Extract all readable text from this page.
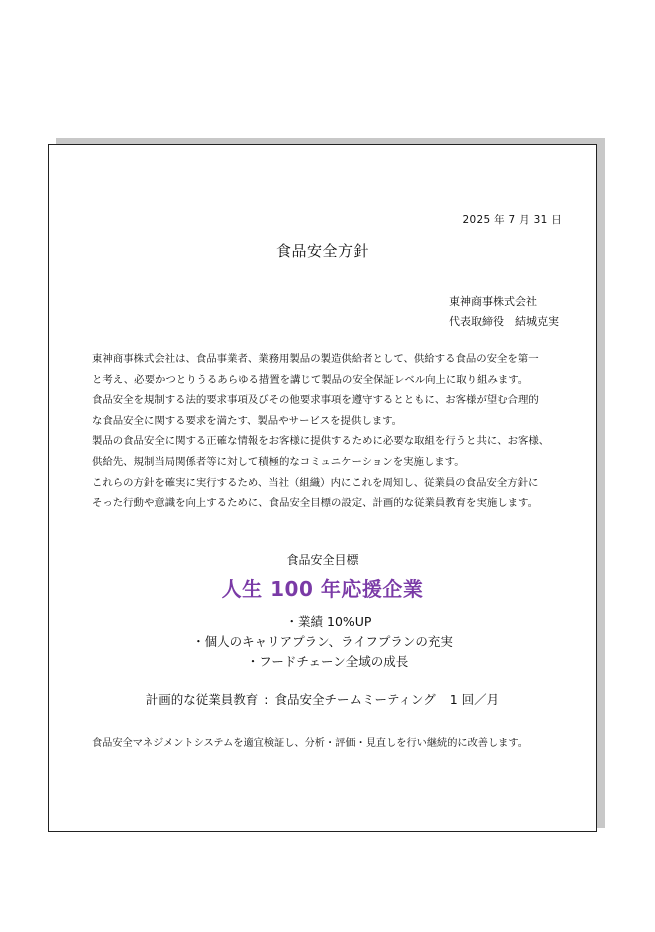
2025 年 7 月 31 日
食品安全方針
東神商事株式会社
代表取締役　結城克実
東神商事株式会社は、食品事業者、業務用製品の製造供給者として、供給する食品の安全を第一
と考え、必要かつとりうるあらゆる措置を講じて製品の安全保証レベル向上に取り組みます。
食品安全を規制する法的要求事項及びその他要求事項を遵守するとともに、お客様が望む合理的
な食品安全に関する要求を満たす、製品やサービスを提供します。
製品の食品安全に関する正確な情報をお客様に提供するために必要な取組を行うと共に、お客様、
供給先、規制当局関係者等に対して積極的なコミュニケーションを実施します。
これらの方針を確実に実行するため、当社（組織）内にこれを周知し、従業員の食品安全方針に
そった行動や意識を向上するために、食品安全目標の設定、計画的な従業員教育を実施します。
食品安全目標
人生 100 年応援企業
・業績 10%UP
・個人のキャリアプラン、ライフプランの充実
・フードチェーン全域の成長
計画的な従業員教育 : 食品安全チームミーティング 1 回／月
食品安全マネジメントシステムを適宜検証し、分析・評価・見直しを行い継続的に改善します。
